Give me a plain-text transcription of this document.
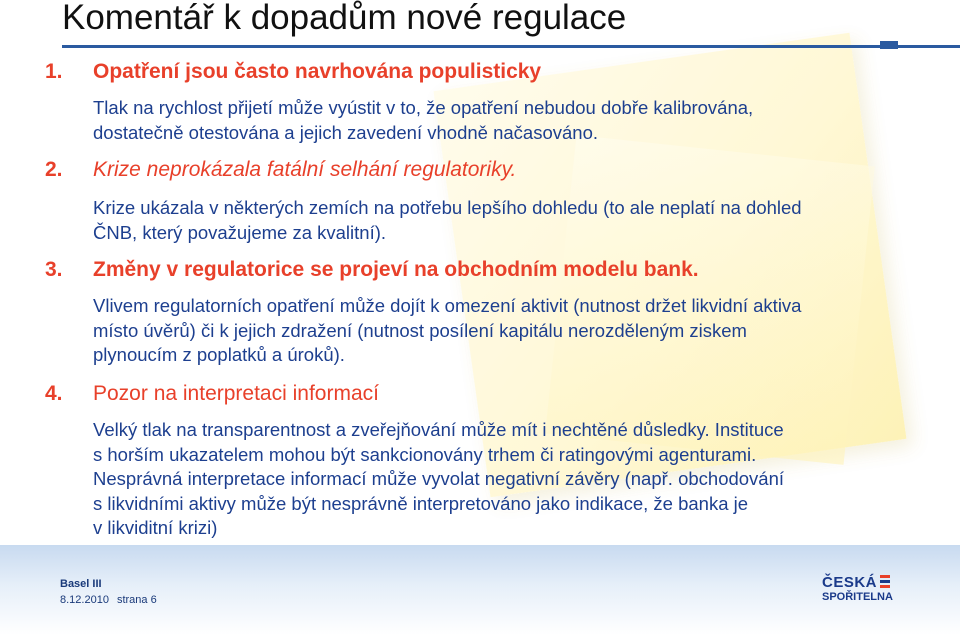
Komentář k dopadům nové regulace
1. Opatření jsou často navrhována populisticky

Tlak na rychlost přijetí může vyústit v to, že opatření nebudou dobře kalibrována,
dostatečně otestována a jejich zavedení vhodně načasováno.

2. Krize neprokázala fatální selhání regulatoriky.

Krize ukázala v některých zemích na potřebu lepšího dohledu (to ale neplatí na dohled
ČNB, který považujeme za kvalitní).

3. Změny v regulatorice se projeví na obchodním modelu bank.

Vlivem regulatorních opatření může dojít k omezení aktivit (nutnost držet likvidní aktiva
místo úvěrů) či k jejich zdražení (nutnost posílení kapitálu nerozděleným ziskem
plynoucím z poplatků a úroků).

4. Pozor na interpretaci informací

Velký tlak na transparentnost a zveřejňování může mít i nechtěné důsledky. Instituce
s horším ukazatelem mohou být sankcionovány trhem či ratingovými agenturami.
Nesprávná interpretace informací může vyvolat negativní závěry (např. obchodování
s likvidními aktivy může být nesprávně interpretováno jako indikace, že banka je
v likviditní krizi)

Basel III
8.12.2010 strana 6
ČESKÁ
SPOŘITELNA
